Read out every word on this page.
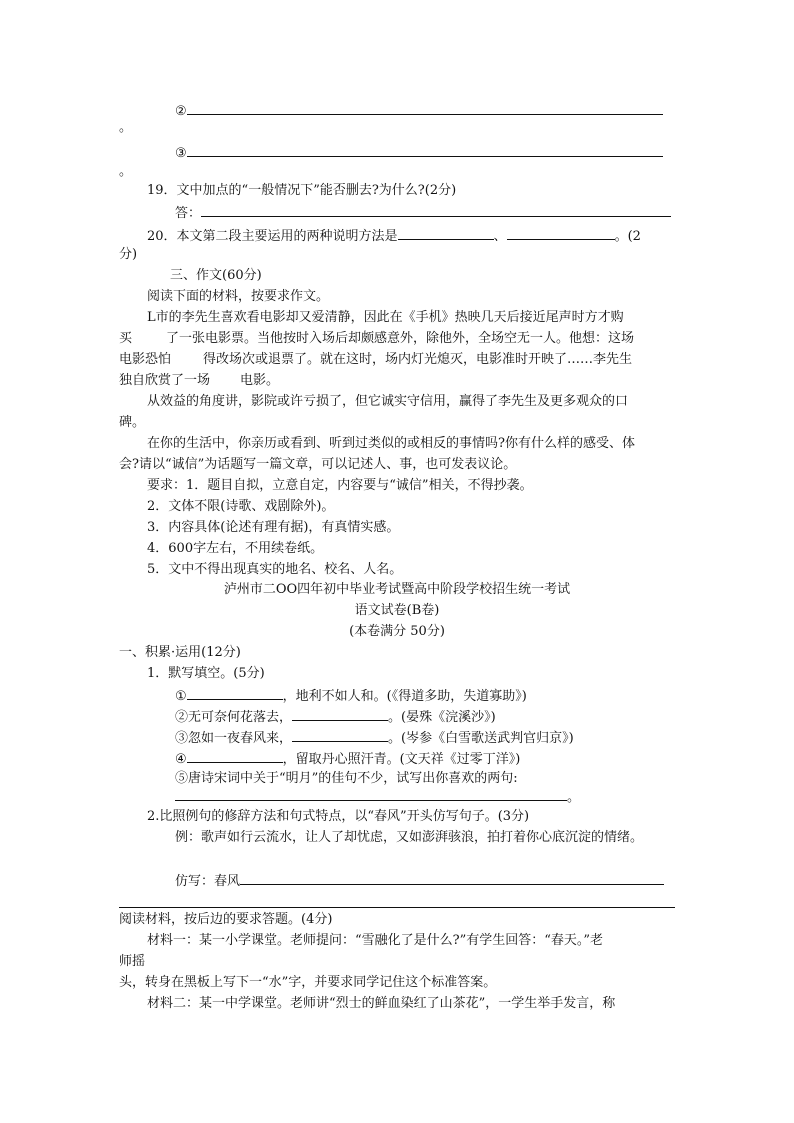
②
。
③
。
19．文中加点的“一般情况下”能否删去?为什么?(2分)
答：
20．本文第二段主要运用的两种说明方法是	、	。(2
分)
三、作文(60分)
阅读下面的材料，按要求作文。
L市的李先生喜欢看电影却又爱清静，因此在《手机》热映几天后接近尾声时方才购
买	了一张电影票。当他按时入场后却颇感意外，除他外，全场空无一人。他想：这场
电影恐怕 得改场次或退票了。就在这时，场内灯光熄灭，电影准时开映了……李先生
独自欣赏了一场 电影。
从效益的角度讲，影院或许亏损了，但它诚实守信用，赢得了李先生及更多观众的口
碑。
在你的生活中，你亲历或看到、听到过类似的或相反的事情吗?你有什么样的感受、体
会?请以“诚信”为话题写一篇文章，可以记述人、事，也可发表议论。
要求：1．题目自拟，立意自定，内容要与“诚信”相关，不得抄袭。
2．文体不限(诗歌、戏剧除外)。
3．内容具体(论述有理有据)，有真情实感。
4．600字左右，不用续卷纸。
5．文中不得出现真实的地名、校名、人名。
泸州市二OO四年初中毕业考试暨高中阶段学校招生统一考试
语文试卷(B卷)
(本卷满分 50分)
一、积累·运用(12分)
1．默写填空。(5分)
①	，地利不如人和。(《得道多助，失道寡助》)
②无可奈何花落去，	。(晏殊《浣溪沙》)
③忽如一夜春风来，	。(岑参《白雪歌送武判官归京》)
④	，留取丹心照汗青。(文天祥《过零丁洋》)
⑤唐诗宋词中关于“明月”的佳句不少，试写出你喜欢的两句:
。
2.比照例句的修辞方法和句式特点，以“春风”开头仿写句子。(3分)
例：歌声如行云流水，让人了却忧虑，又如澎湃骇浪，拍打着你心底沉淀的情绪。
仿写：春风
阅读材料，按后边的要求答题。(4分)
材料一：某一小学课堂。老师提问：“雪融化了是什么?”有学生回答：“春天。”老
师摇
头，转身在黑板上写下一“水”字，并要求同学记住这个标准答案。
材料二：某一中学课堂。老师讲“烈士的鲜血染红了山茶花”，一学生举手发言，称
